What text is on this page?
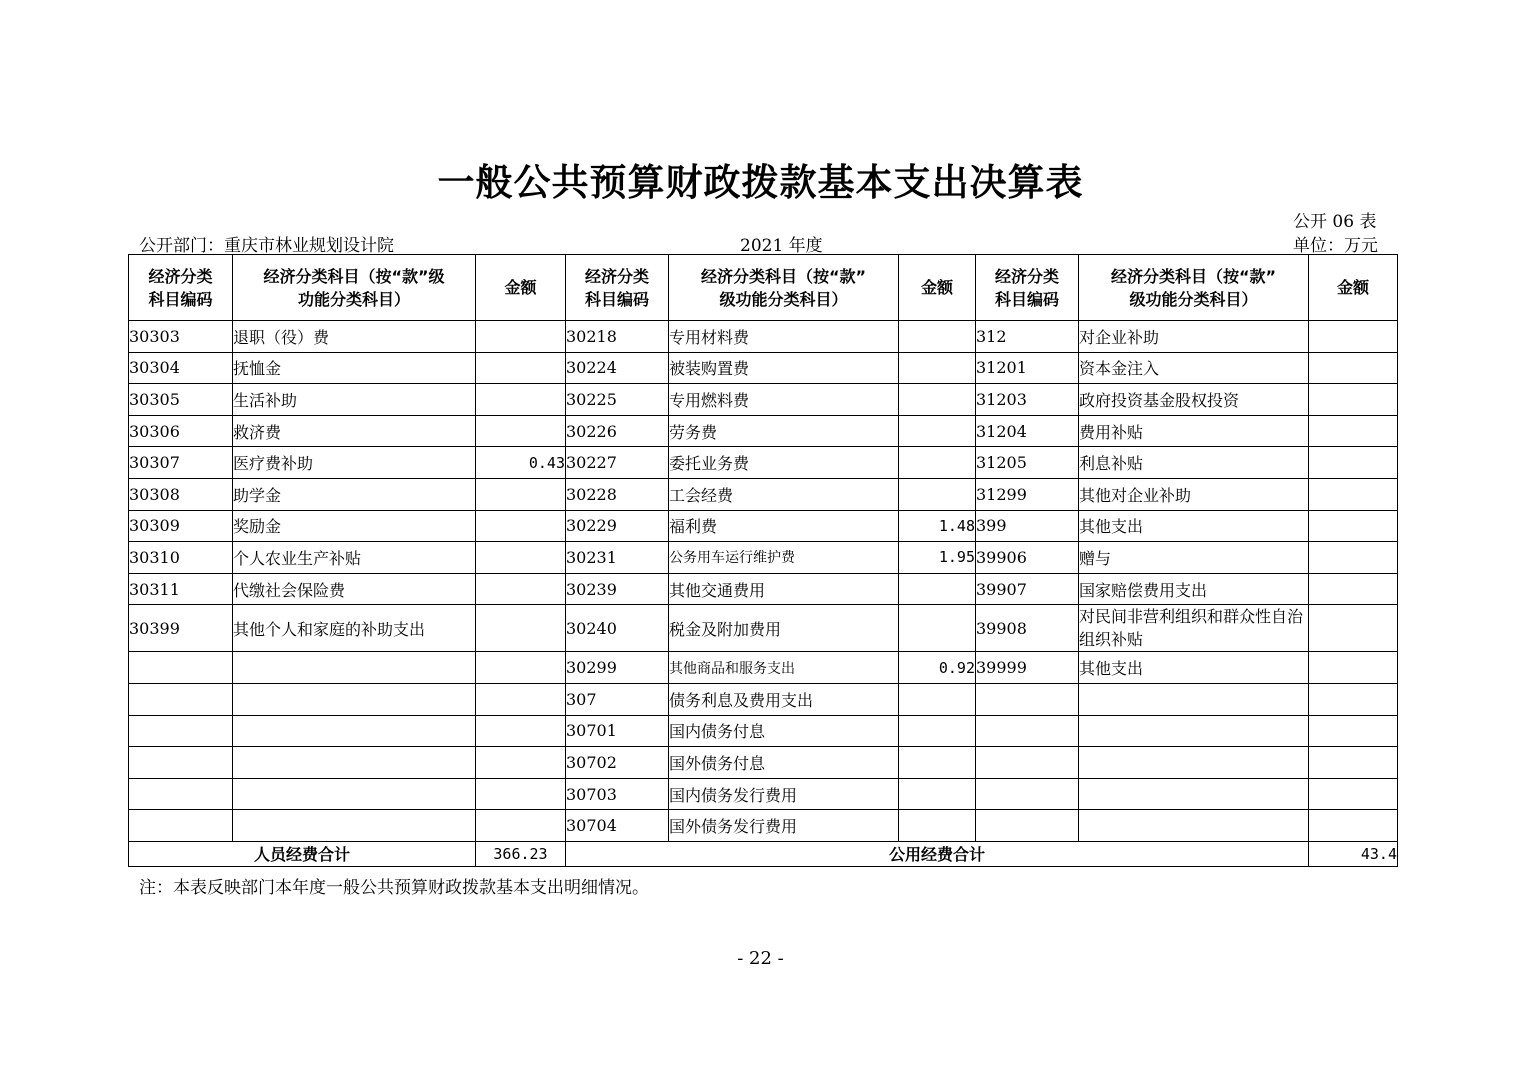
一般公共预算财政拨款基本支出决算表
公开 06 表
公开部门：重庆市林业规划设计院	2021 年度	单位：万元
经济分类
科目编码	经济分类科目（按“款”级
功能分类科目）	金额	经济分类
科目编码	经济分类科目（按“款”
级功能分类科目）	金额	经济分类
科目编码	经济分类科目（按“款”
级功能分类科目）	金额
30303	退职（役）费		30218	专用材料费		312	对企业补助	
30304	抚恤金		30224	被装购置费		31201	资本金注入	
30305	生活补助		30225	专用燃料费		31203	政府投资基金股权投资	
30306	救济费		30226	劳务费		31204	费用补贴	
30307	医疗费补助	0.43	30227	委托业务费		31205	利息补贴	
30308	助学金		30228	工会经费		31299	其他对企业补助	
30309	奖励金		30229	福利费	1.48	399	其他支出	
30310	个人农业生产补贴		30231	公务用车运行维护费	1.95	39906	赠与	
30311	代缴社会保险费		30239	其他交通费用		39907	国家赔偿费用支出	
30399	其他个人和家庭的补助支出		30240	税金及附加费用		39908	对民间非营利组织和群众性自治组织补贴	
			30299	其他商品和服务支出	0.92	39999	其他支出	
			307	债务利息及费用支出				
			30701	国内债务付息				
			30702	国外债务付息				
			30703	国内债务发行费用				
			30704	国外债务发行费用				
人员经费合计		366.23	公用经费合计					43.4
注：本表反映部门本年度一般公共预算财政拨款基本支出明细情况。
- 22 -
